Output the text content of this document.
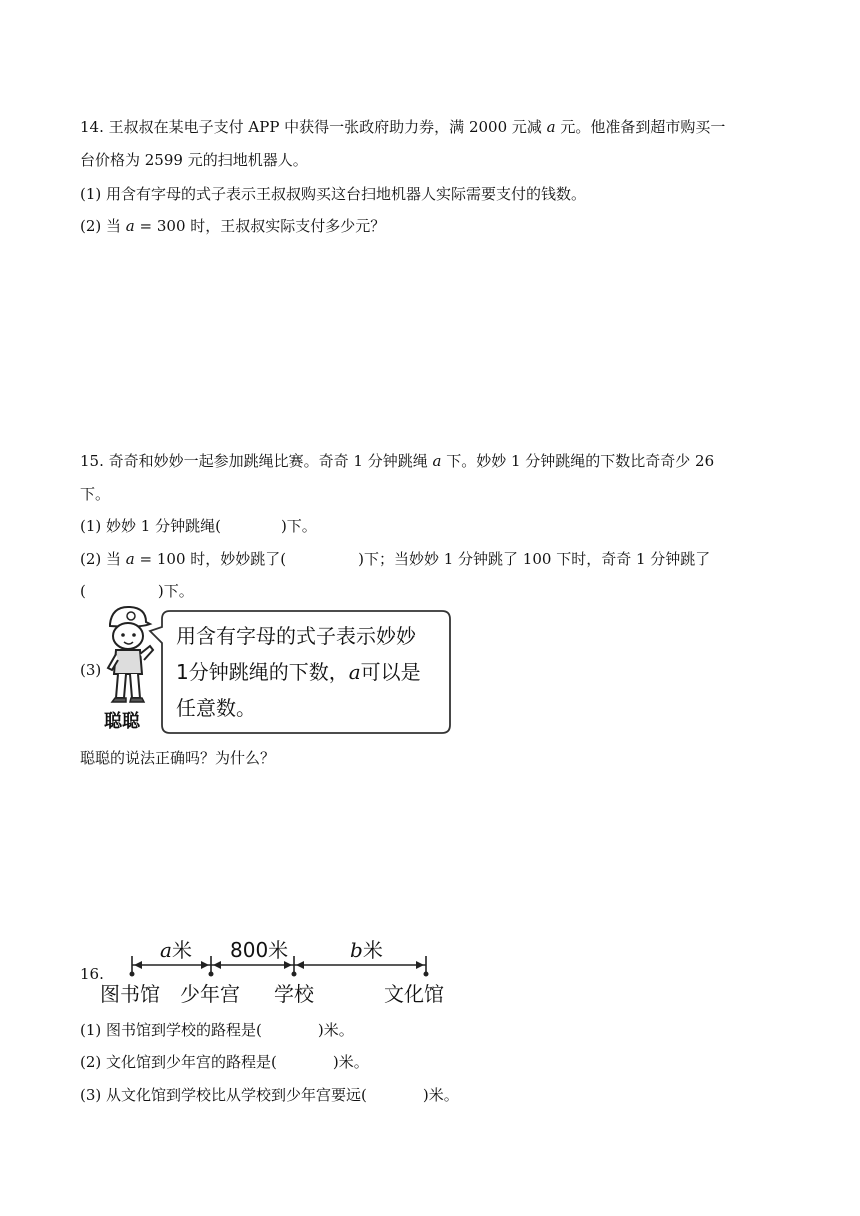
14. 王叔叔在某电子支付 APP 中获得一张政府助力券，满 2000 元减 a 元。他准备到超市购买一
台价格为 2599 元的扫地机器人。
(1) 用含有字母的式子表示王叔叔购买这台扫地机器人实际需要支付的钱数。
(2) 当 a = 300 时，王叔叔实际支付多少元？
15. 奇奇和妙妙一起参加跳绳比赛。奇奇 1 分钟跳绳 a 下。妙妙 1 分钟跳绳的下数比奇奇少 26
下。
(1) 妙妙 1 分钟跳绳(	)下。
(2) 当 a = 100 时，妙妙跳了(	)下；当妙妙 1 分钟跳了 100 下时，奇奇 1 分钟跳了
(	)下。
(3)
聪聪
用含有字母的式子表示妙妙
1分钟跳绳的下数，a可以是
任意数。
聪聪的说法正确吗？为什么？
16.
a米 800米	b米
图书馆 少年宫 学校	文化馆
(1) 图书馆到学校的路程是(	)米。
(2) 文化馆到少年宫的路程是(	)米。
(3) 从文化馆到学校比从学校到少年宫要远(	)米。
